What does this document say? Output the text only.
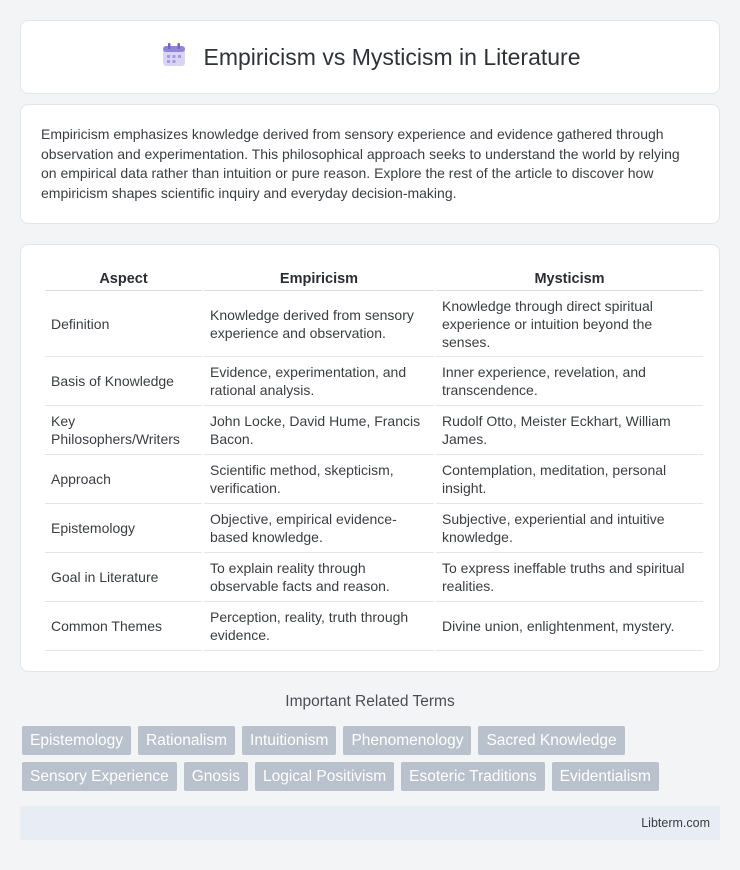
Empiricism vs Mysticism in Literature

Empiricism emphasizes knowledge derived from sensory experience and evidence gathered through observation and experimentation. This philosophical approach seeks to understand the world by relying on empirical data rather than intuition or pure reason. Explore the rest of the article to discover how empiricism shapes scientific inquiry and everyday decision-making.

Aspect	Empiricism	Mysticism
Definition	Knowledge derived from sensory experience and observation.	Knowledge through direct spiritual experience or intuition beyond the senses.
Basis of Knowledge	Evidence, experimentation, and rational analysis.	Inner experience, revelation, and transcendence.
Key Philosophers/Writers	John Locke, David Hume, Francis Bacon.	Rudolf Otto, Meister Eckhart, William James.
Approach	Scientific method, skepticism, verification.	Contemplation, meditation, personal insight.
Epistemology	Objective, empirical evidence-based knowledge.	Subjective, experiential and intuitive knowledge.
Goal in Literature	To explain reality through observable facts and reason.	To express ineffable truths and spiritual realities.
Common Themes	Perception, reality, truth through evidence.	Divine union, enlightenment, mystery.
Important Related Terms
Epistemology	Rationalism	Intuitionism	Phenomenology	Sacred Knowledge
Sensory Experience	Gnosis	Logical Positivism	Esoteric Traditions	Evidentialism
Libterm.com
